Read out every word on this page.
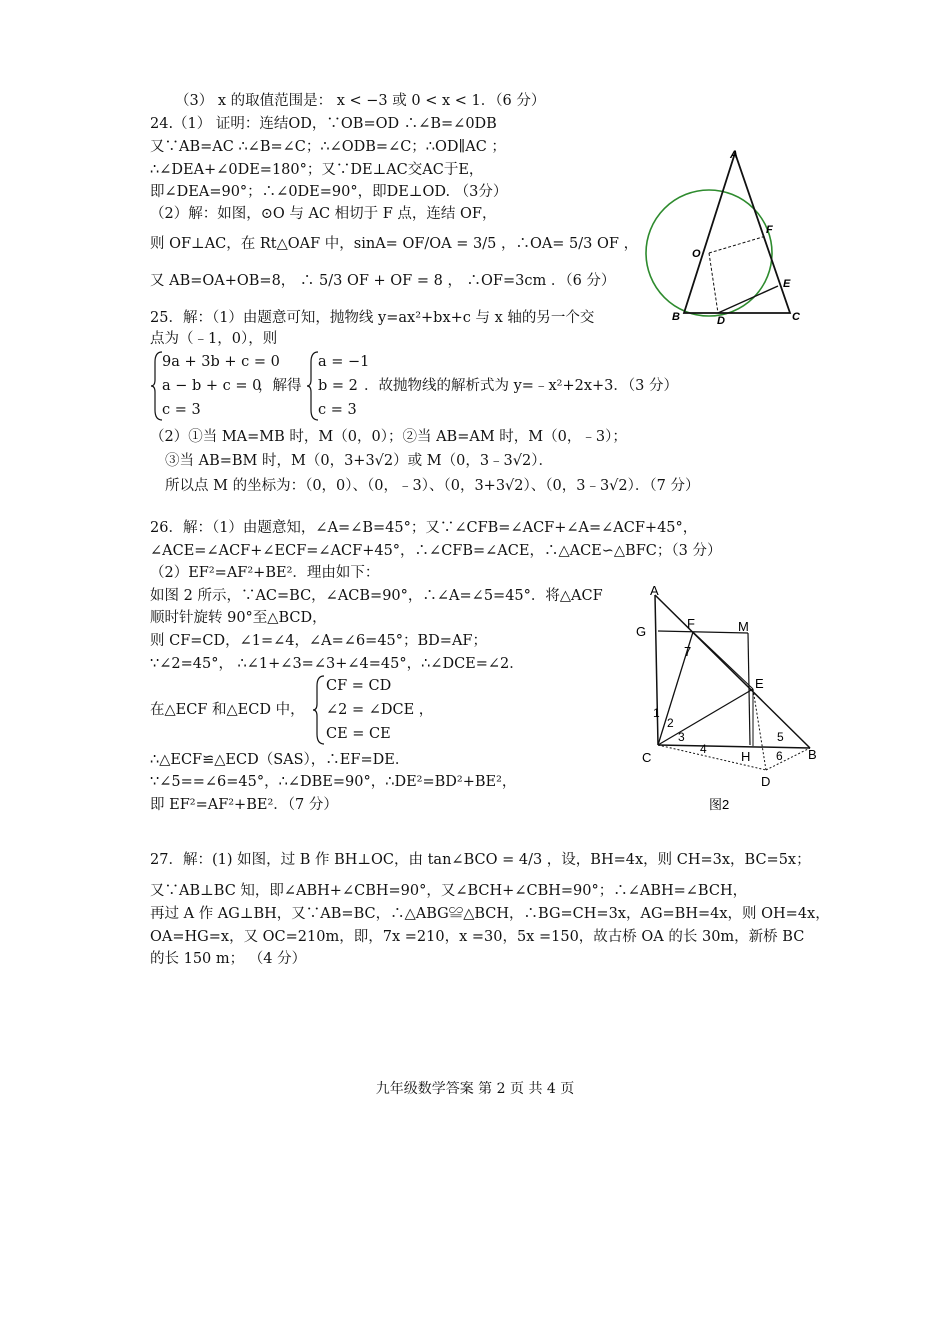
（3） x 的取值范围是： x < −3 或 0 < x < 1．（6 分）
24.（1） 证明：连结OD，∵OB=OD ∴∠B=∠0DB
又∵AB=AC ∴∠B=∠C；∴∠ODB=∠C；∴OD∥AC ；
∴∠DEA+∠0DE=180°；又∵DE⊥AC交AC于E，
即∠DEA=90°；∴∠0DE=90°，即DE⊥OD. （3分）
（2）解：如图，⊙O 与 AC 相切于 F 点，连结 OF，
则 OF⊥AC，在 Rt△OAF 中，sinA= OF/OA = 3/5 ，∴OA= 5/3 OF ，
又 AB=OA+OB=8， ∴ 5/3 OF + OF = 8 ， ∴OF=3cm ．（6 分）
25．解：（1）由题意可知，抛物线 y=ax²+bx+c 与 x 轴的另一个交
点为（﹣1，0），则
9a + 3b + c = 0
a − b + c = 0
c = 3
，解得
a = −1
b = 2
c = 3
．故抛物线的解析式为 y=﹣x²+2x+3．（3 分）
（2）①当 MA=MB 时，M（0，0）；②当 AB=AM 时，M（0，﹣3）；
③当 AB=BM 时，M（0，3+3√2）或 M（0，3﹣3√2）．
所以点 M 的坐标为：（0，0）、（0，﹣3）、（0，3+3√2）、（0，3﹣3√2）．（7 分）
26．解：（1）由题意知，∠A=∠B=45°；又∵∠CFB=∠ACF+∠A=∠ACF+45°，
∠ACE=∠ACF+∠ECF=∠ACF+45°，∴∠CFB=∠ACE，∴△ACE∽△BFC；（3 分）
（2）EF²=AF²+BE²．理由如下：
如图 2 所示，∵AC=BC，∠ACB=90°，∴∠A=∠5=45°．将△ACF
顺时针旋转 90°至△BCD，
则 CF=CD，∠1=∠4，∠A=∠6=45°；BD=AF；
∵∠2=45°， ∴∠1+∠3=∠3+∠4=45°，∴∠DCE=∠2．
在△ECF 和△ECD 中，
CF = CD
∠2 = ∠DCE ，
CE = CE
∴△ECF≌△ECD（SAS），∴EF=DE．
∵∠5==∠6=45°，∴∠DBE=90°，∴DE²=BD²+BE²，
即 EF²=AF²+BE²．（7 分）
27．解：(1) 如图，过 B 作 BH⊥OC，由 tan∠BCO = 4/3 ，设，BH=4x，则 CH=3x，BC=5x；
又∵AB⊥BC 知，即∠ABH+∠CBH=90°，又∠BCH+∠CBH=90°；∴∠ABH=∠BCH，
再过 A 作 AG⊥BH，又∵AB=BC，∴△ABG≌△BCH，∴BG=CH=3x，AG=BH=4x，则 OH=4x，
OA=HG=x，又 OC=210m，即，7x =210，x =30，5x =150，故古桥 OA 的长 30m，新桥 BC
的长 150 m； （4 分）
A
O
F
E
B	D	C
A
G
F	M
7
E
1
2
3
4
C	H
5
6 B
D
图2
九年级数学答案 第 2 页 共 4 页
